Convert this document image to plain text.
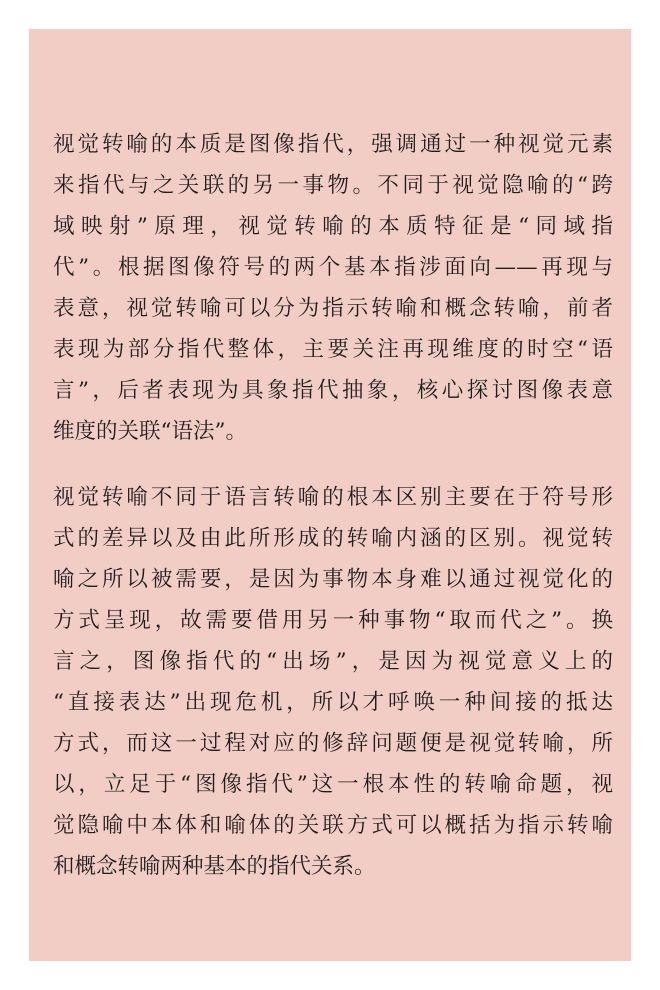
视觉转喻的本质是图像指代，强调通过一种视觉元素

来指代与之关联的另一事物。不同于视觉隐喻的“跨

域映射”原理，视觉转喻的本质特征是“同域指

代”。根据图像符号的两个基本指涉面向——再现与

表意，视觉转喻可以分为指示转喻和概念转喻，前者

表现为部分指代整体，主要关注再现维度的时空“语

言”，后者表现为具象指代抽象，核心探讨图像表意

维度的关联“语法”。

视觉转喻不同于语言转喻的根本区别主要在于符号形

式的差异以及由此所形成的转喻内涵的区别。视觉转

喻之所以被需要，是因为事物本身难以通过视觉化的

方式呈现，故需要借用另一种事物“取而代之”。换

言之，图像指代的“出场”，是因为视觉意义上的

“直接表达”出现危机，所以才呼唤一种间接的抵达

方式，而这一过程对应的修辞问题便是视觉转喻，所

以，立足于“图像指代”这一根本性的转喻命题，视

觉隐喻中本体和喻体的关联方式可以概括为指示转喻

和概念转喻两种基本的指代关系。
